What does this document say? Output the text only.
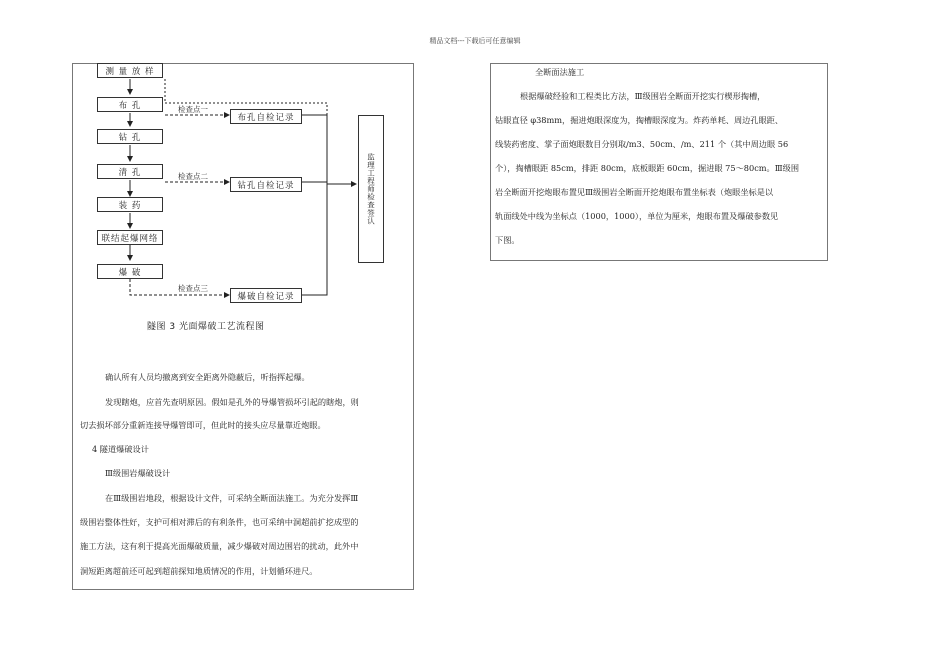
精品文档---下载后可任意编辑
测 量 放 样
布 孔
钻 孔
清 孔
装 药
联结起爆网络
爆 破
检查点一
检查点二
检查点三
布孔自检记录
钻孔自检记录
爆破自检记录
监理工程师检查签认
隧图 3 光面爆破工艺流程图
确认所有人员均撤离到安全距离外隐蔽后，听指挥起爆。
发现瞎炮，应首先查明原因。假如是孔外的导爆管损坏引起的瞎炮，则
切去损坏部分重新连接导爆管即可，但此时的接头应尽量靠近炮眼。
4 隧道爆破设计
Ⅲ级围岩爆破设计
在Ⅲ级围岩地段，根据设计文件，可采纳全断面法施工。为充分发挥Ⅲ
级围岩整体性好，支护可相对滞后的有利条件，也可采纳中洞超前扩挖成型的
施工方法，这有利于提高光面爆破质量，减少爆破对周边围岩的扰动，此外中
洞短距离超前还可起到超前探知地质情况的作用，计划循环进尺。
全断面法施工
根据爆破经验和工程类比方法，Ⅲ级围岩全断面开挖实行楔形掏槽，
钻眼直径 φ38mm，掘进炮眼深度为，掏槽眼深度为。炸药单耗、周边孔眼距、
线装药密度、掌子面炮眼数目分别取/m3、50cm、/m、211 个（其中周边眼 56
个），掏槽眼距 85cm，排距 80cm，底板眼距 60cm，掘进眼 75～80cm。Ⅲ级围
岩全断面开挖炮眼布置见Ⅲ级围岩全断面开挖炮眼布置坐标表（炮眼坐标是以
轨面线处中线为坐标点（1000，1000），单位为厘米，炮眼布置及爆破参数见
下图。
